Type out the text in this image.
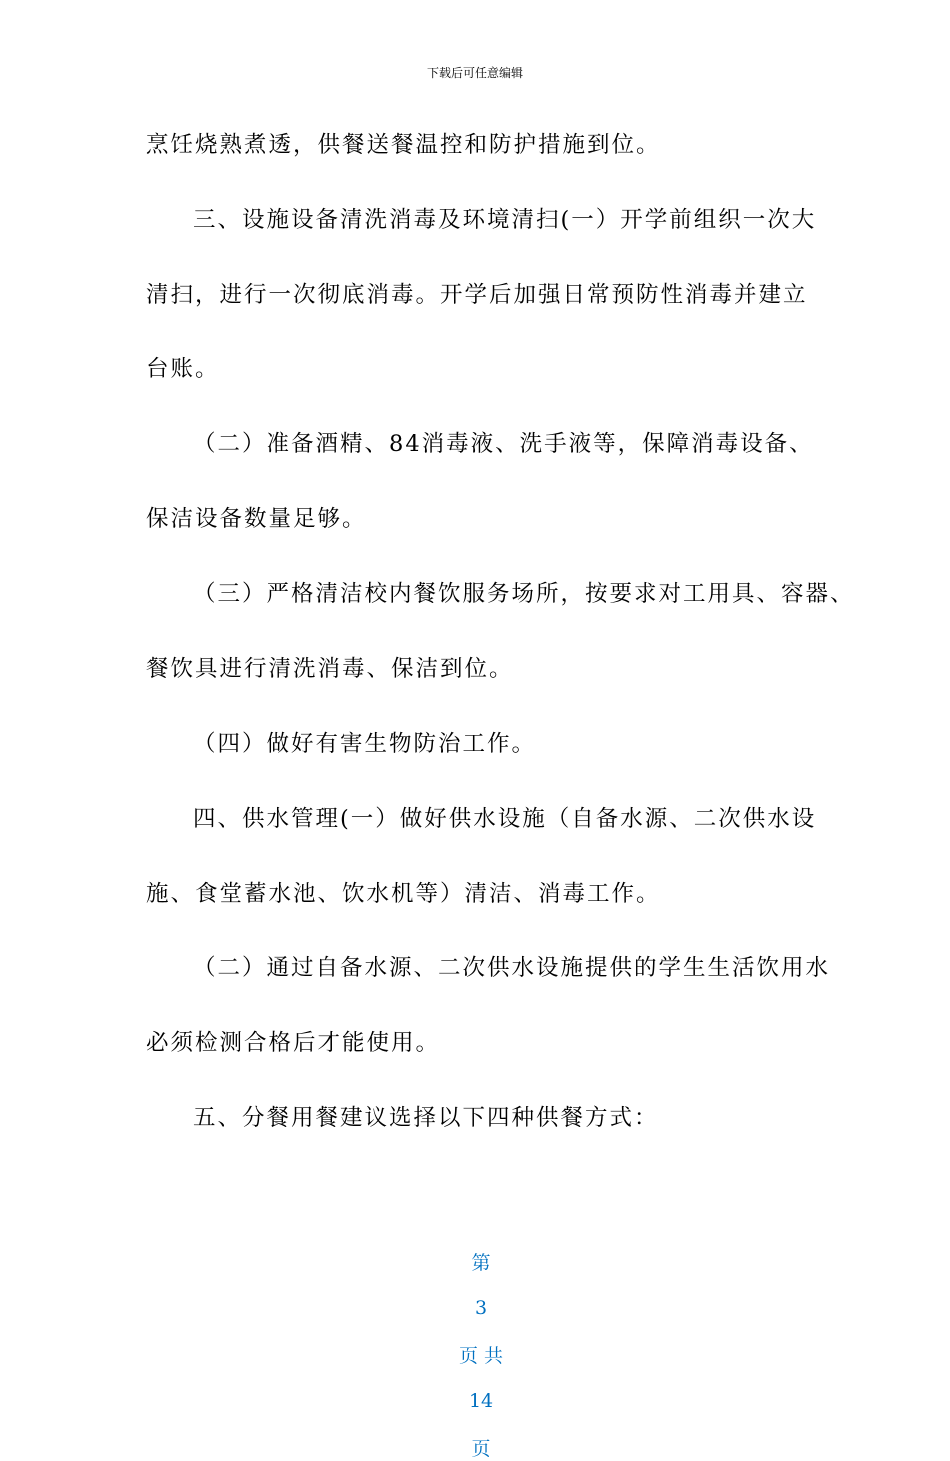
下载后可任意编辑
烹饪烧熟煮透，供餐送餐温控和防护措施到位。
三、设施设备清洗消毒及环境清扫(一）开学前组织一次大
清扫，进行一次彻底消毒。开学后加强日常预防性消毒并建立
台账。
（二）准备酒精、84消毒液、洗手液等，保障消毒设备、
保洁设备数量足够。
（三）严格清洁校内餐饮服务场所，按要求对工用具、容器、
餐饮具进行清洗消毒、保洁到位。
（四）做好有害生物防治工作。
四、供水管理(一）做好供水设施（自备水源、二次供水设
施、食堂蓄水池、饮水机等）清洁、消毒工作。
（二）通过自备水源、二次供水设施提供的学生生活饮用水
必须检测合格后才能使用。
五、分餐用餐建议选择以下四种供餐方式：

第

3

页 共

14

页
